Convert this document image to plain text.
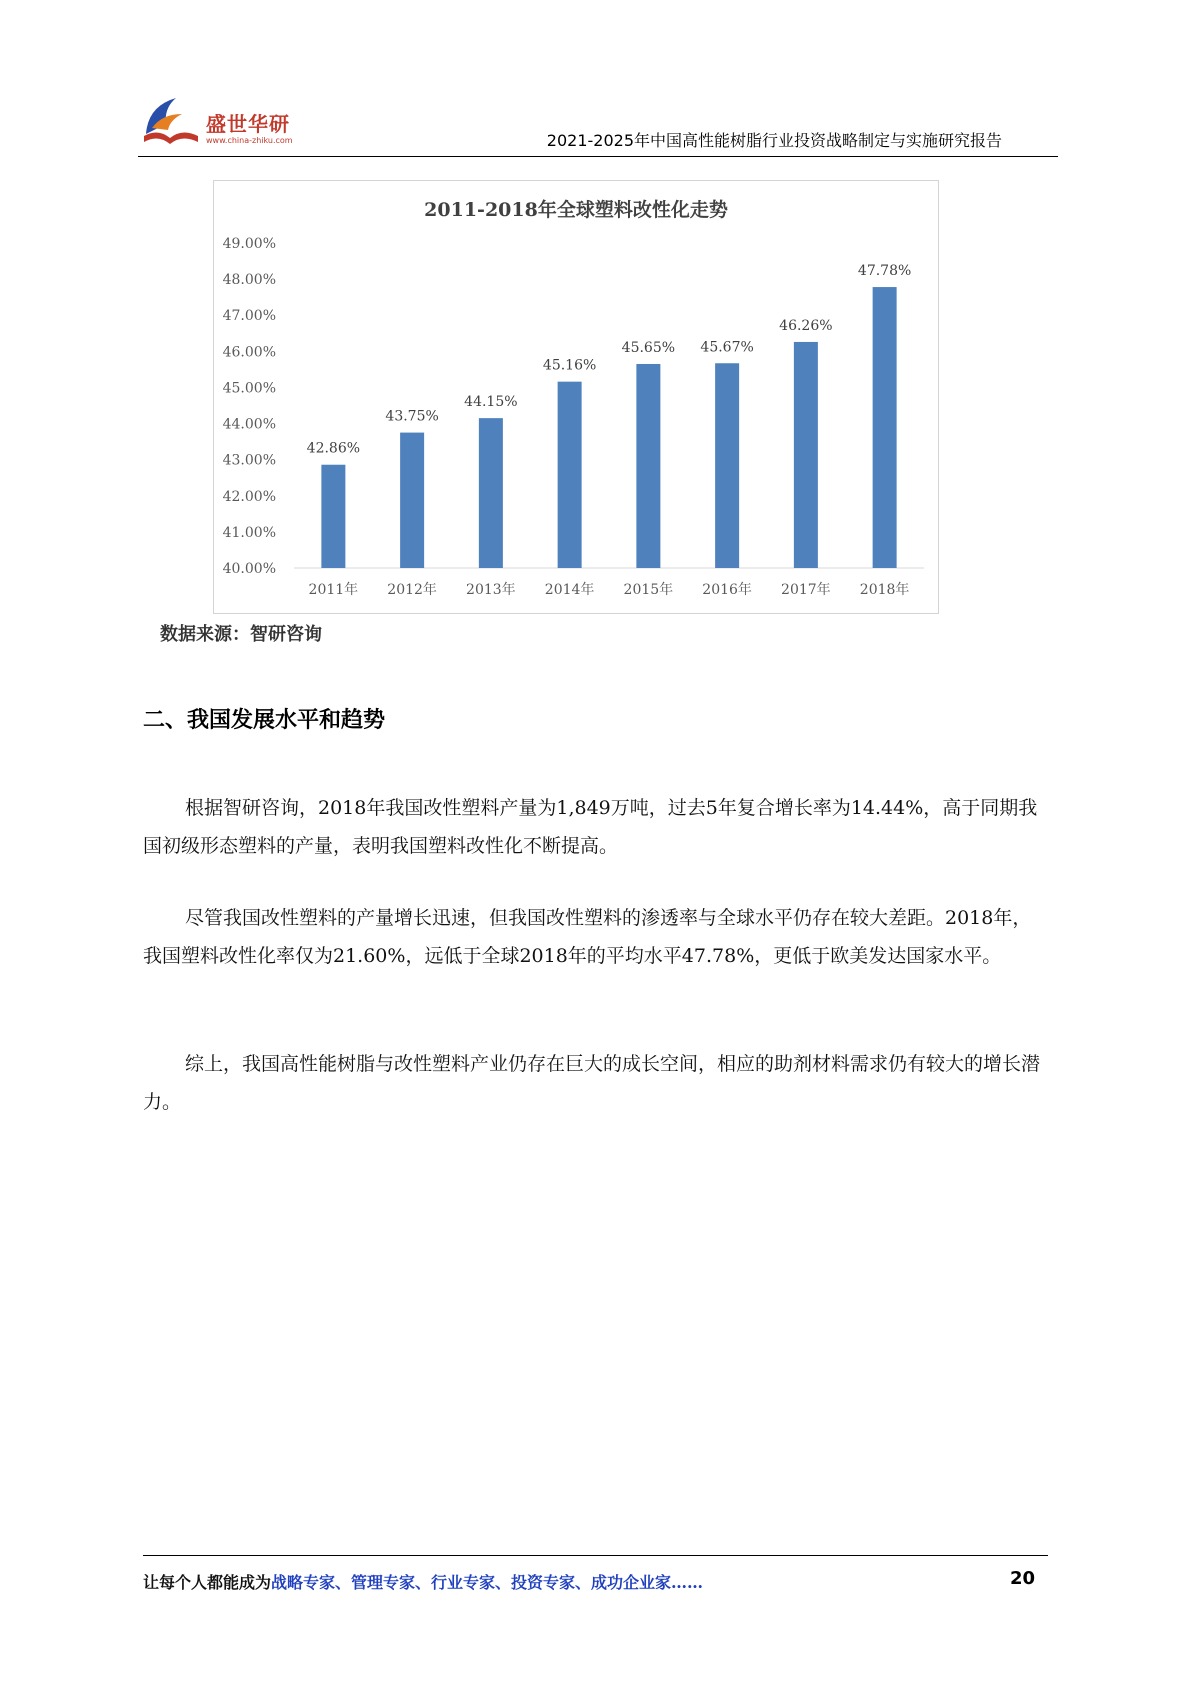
盛世华研
www.china-zhiku.com	2021-2025年中国高性能树脂行业投资战略制定与实施研究报告
2011-2018年全球塑料改性化走势
40.00%
41.00%
42.00%
43.00%
44.00%
45.00%
46.00%
47.00%
48.00%
49.00%
42.86%
43.75%
44.15%
45.16%
45.65% 45.67%
46.26%
47.78%
2011年 2012年 2013年 2014年 2015年 2016年 2017年 2018年
数据来源：智研咨询
二、我国发展水平和趋势

根据智研咨询，2018年我国改性塑料产量为1,849万吨，过去5年复合增长率为14.44%，高于同期我国初级形态塑料的产量，表明我国塑料改性化不断提高。

尽管我国改性塑料的产量增长迅速，但我国改性塑料的渗透率与全球水平仍存在较大差距。2018年，我国塑料改性化率仅为21.60%，远低于全球2018年的平均水平47.78%，更低于欧美发达国家水平。

综上，我国高性能树脂与改性塑料产业仍存在巨大的成长空间，相应的助剂材料需求仍有较大的增长潜力。

让每个人都能成为战略专家、管理专家、行业专家、投资专家、成功企业家……	20
